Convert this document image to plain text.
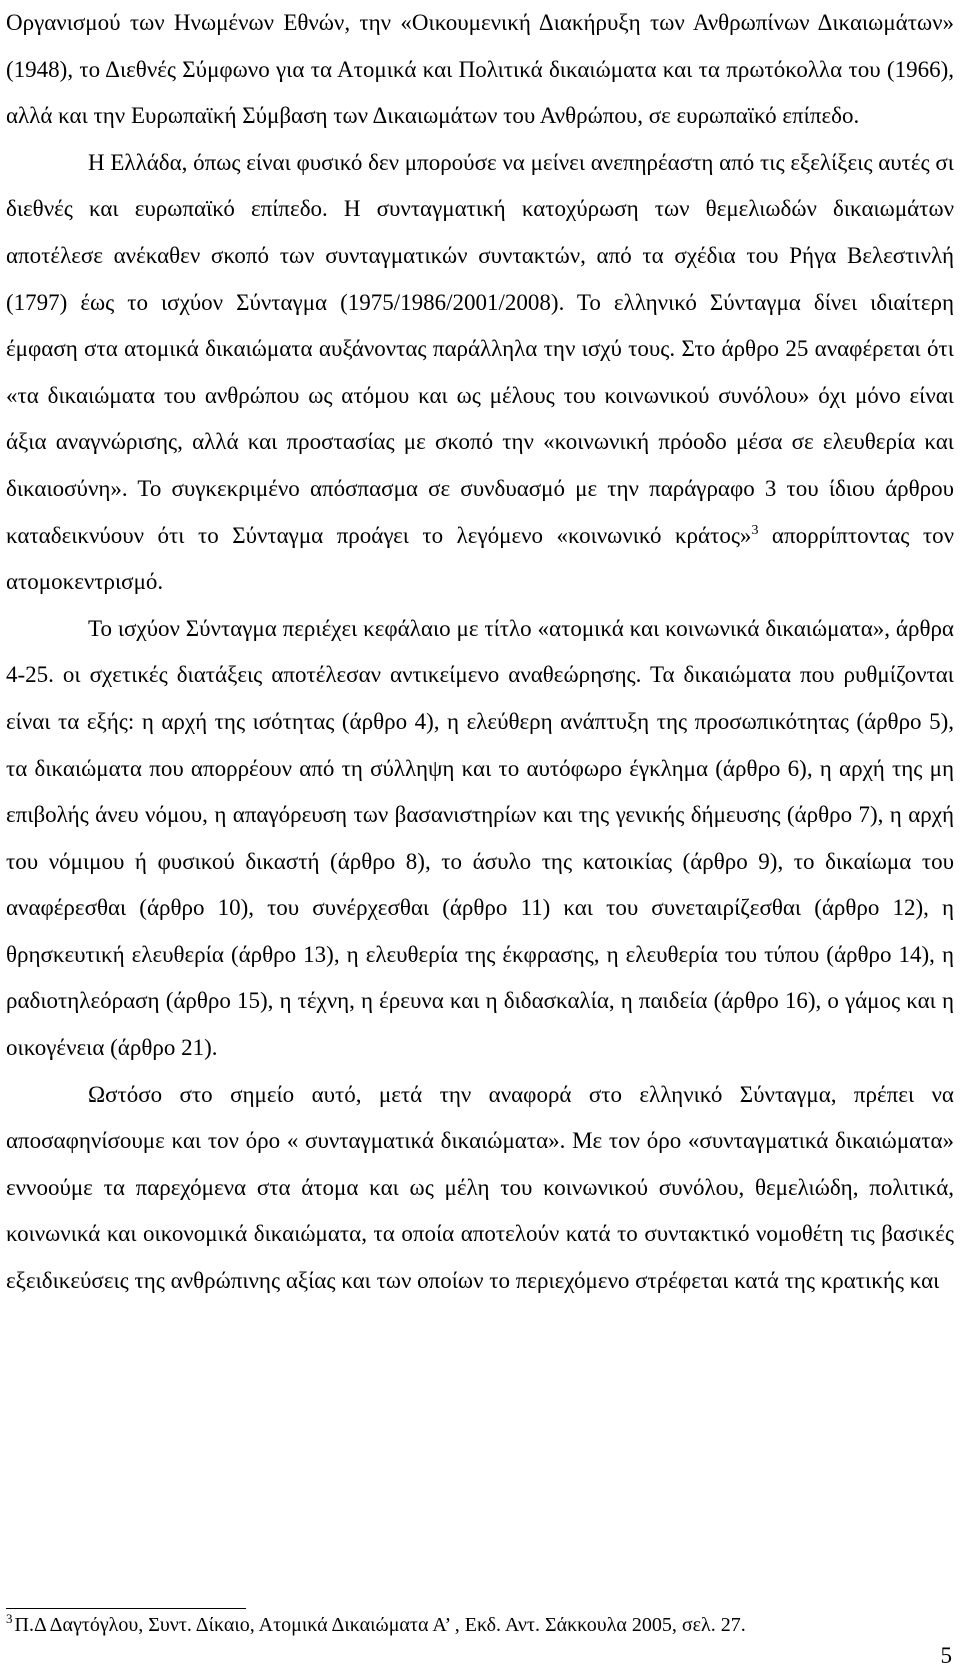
Οργανισμού των Ηνωμένων Εθνών, την «Οικουμενική Διακήρυξη των Ανθρωπίνων Δικαιωμάτων» (1948), το Διεθνές Σύμφωνο για τα Ατομικά και Πολιτικά δικαιώματα και τα πρωτόκολλα του (1966), αλλά και την Ευρωπαϊκή Σύμβαση των Δικαιωμάτων του Ανθρώπου, σε ευρωπαϊκό επίπεδο.

Η Ελλάδα, όπως είναι φυσικό δεν μπορούσε να μείνει ανεπηρέαστη από τις εξελίξεις αυτές σι διεθνές και ευρωπαϊκό επίπεδο. Η συνταγματική κατοχύρωση των θεμελιωδών δικαιωμάτων αποτέλεσε ανέκαθεν σκοπό των συνταγματικών συντακτών, από τα σχέδια του Ρήγα Βελεστινλή (1797) έως το ισχύον Σύνταγμα (1975/1986/2001/2008). Το ελληνικό Σύνταγμα δίνει ιδιαίτερη έμφαση στα ατομικά δικαιώματα αυξάνοντας παράλληλα την ισχύ τους. Στο άρθρο 25 αναφέρεται ότι «τα δικαιώματα του ανθρώπου ως ατόμου και ως μέλους του κοινωνικού συνόλου» όχι μόνο είναι άξια αναγνώρισης, αλλά και προστασίας με σκοπό την «κοινωνική πρόοδο μέσα σε ελευθερία και δικαιοσύνη». Το συγκεκριμένο απόσπασμα σε συνδυασμό με την παράγραφο 3 του ίδιου άρθρου καταδεικνύουν ότι το Σύνταγμα προάγει το λεγόμενο «κοινωνικό κράτος»$^3$ απορρίπτοντας τον ατομοκεντρισμό.

Το ισχύον Σύνταγμα περιέχει κεφάλαιο με τίτλο «ατομικά και κοινωνικά δικαιώματα», άρθρα 4-25. οι σχετικές διατάξεις αποτέλεσαν αντικείμενο αναθεώρησης. Τα δικαιώματα που ρυθμίζονται είναι τα εξής: η αρχή της ισότητας (άρθρο 4), η ελεύθερη ανάπτυξη της προσωπικότητας (άρθρο 5), τα δικαιώματα που απορρέουν από τη σύλληψη και το αυτόφωρο έγκλημα (άρθρο 6), η αρχή της μη επιβολής άνευ νόμου, η απαγόρευση των βασανιστηρίων και της γενικής δήμευσης (άρθρο 7), η αρχή του νόμιμου ή φυσικού δικαστή (άρθρο 8), το άσυλο της κατοικίας (άρθρο 9), το δικαίωμα του αναφέρεσθαι (άρθρο 10), του συνέρχεσθαι (άρθρο 11) και του συνεταιρίζεσθαι (άρθρο 12), η θρησκευτική ελευθερία (άρθρο 13), η ελευθερία της έκφρασης, η ελευθερία του τύπου (άρθρο 14), η ραδιοτηλεόραση (άρθρο 15), η τέχνη, η έρευνα και η διδασκαλία, η παιδεία (άρθρο 16), ο γάμος και η οικογένεια (άρθρο 21).

Ωστόσο στο σημείο αυτό, μετά την αναφορά στο ελληνικό Σύνταγμα, πρέπει να αποσαφηνίσουμε και τον όρο « συνταγματικά δικαιώματα». Με τον όρο «συνταγματικά δικαιώματα» εννοούμε τα παρεχόμενα στα άτομα και ως μέλη του κοινωνικού συνόλου, θεμελιώδη, πολιτικά, κοινωνικά και οικονομικά δικαιώματα, τα οποία αποτελούν κατά το συντακτικό νομοθέτη τις βασικές εξειδικεύσεις της ανθρώπινης αξίας και των οποίων το περιεχόμενο στρέφεται κατά της κρατικής και

$^3$ Π.Δ Δαγτόγλου, Συντ. Δίκαιο, Ατομικά Δικαιώματα Α’ , Εκδ. Αντ. Σάκκουλα 2005, σελ. 27.
5
